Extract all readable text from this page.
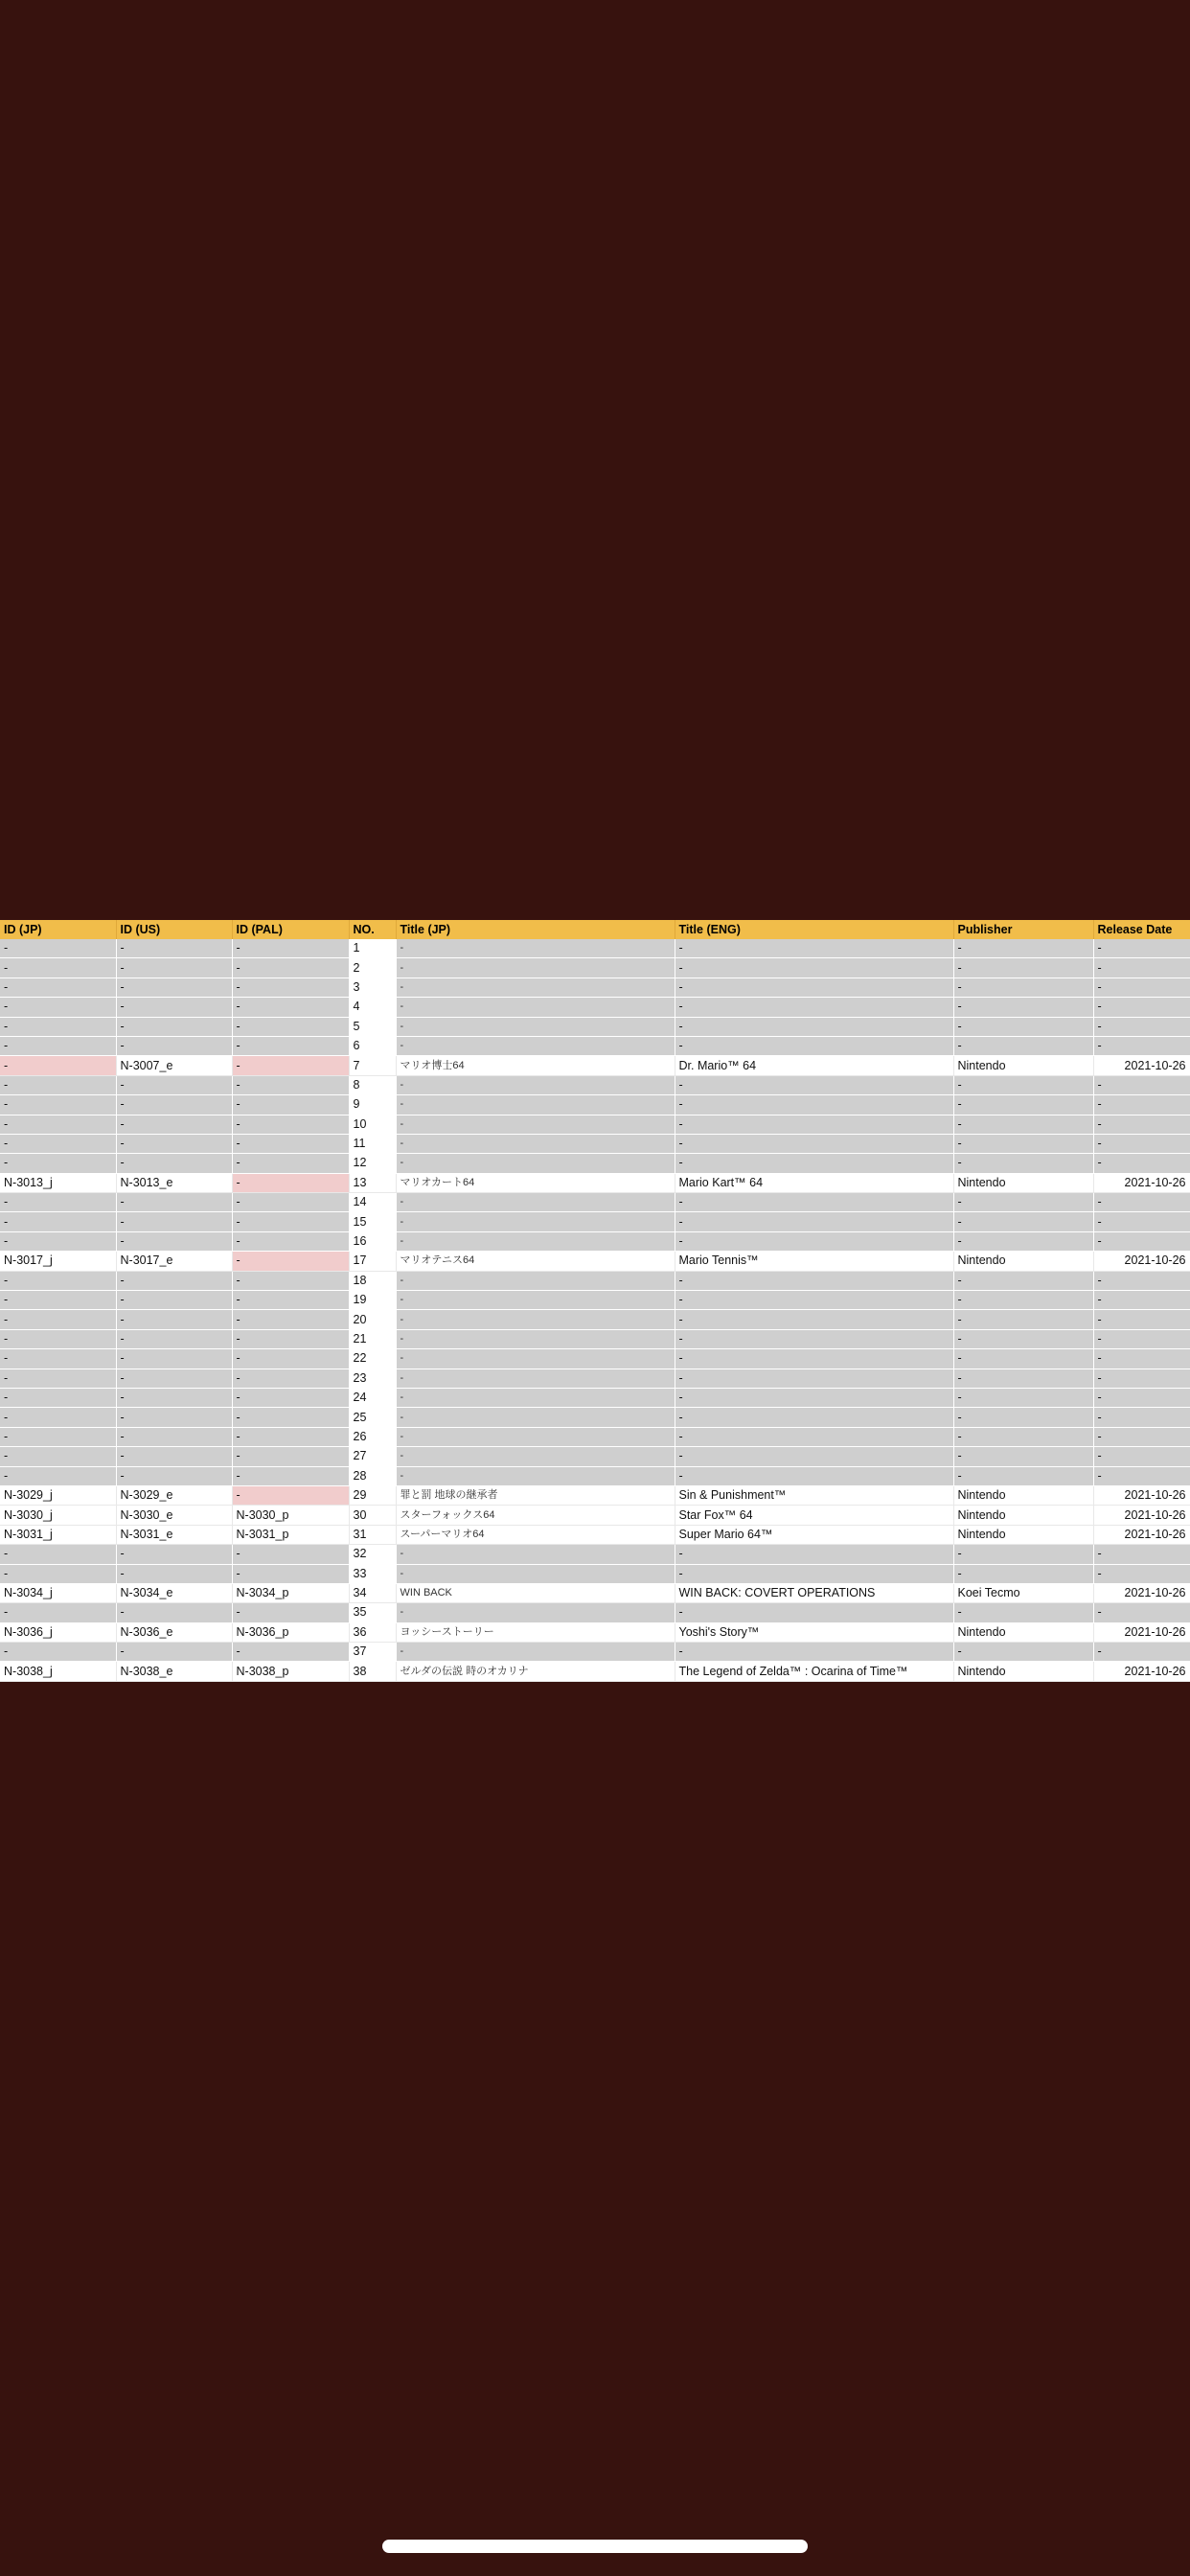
ID (JP)	ID (US)	ID (PAL)	NO.	Title (JP)	Title (ENG)	Publisher	Release Date
-	-	-	1	-	-	-	-
-	-	-	2	-	-	-	-
-	-	-	3	-	-	-	-
-	-	-	4	-	-	-	-
-	-	-	5	-	-	-	-
-	-	-	6	-	-	-	-
-	N-3007_e	-	7	マリオ博士64	Dr. Mario™ 64	Nintendo	2021-10-26
-	-	-	8	-	-	-	-
-	-	-	9	-	-	-	-
-	-	-	10	-	-	-	-
-	-	-	11	-	-	-	-
-	-	-	12	-	-	-	-
N-3013_j	N-3013_e	-	13	マリオカート64	Mario Kart™ 64	Nintendo	2021-10-26
-	-	-	14	-	-	-	-
-	-	-	15	-	-	-	-
-	-	-	16	-	-	-	-
N-3017_j	N-3017_e	-	17	マリオテニス64	Mario Tennis™	Nintendo	2021-10-26
-	-	-	18	-	-	-	-
-	-	-	19	-	-	-	-
-	-	-	20	-	-	-	-
-	-	-	21	-	-	-	-
-	-	-	22	-	-	-	-
-	-	-	23	-	-	-	-
-	-	-	24	-	-	-	-
-	-	-	25	-	-	-	-
-	-	-	26	-	-	-	-
-	-	-	27	-	-	-	-
-	-	-	28	-	-	-	-
N-3029_j	N-3029_e	-	29	罪と罰 地球の継承者	Sin & Punishment™	Nintendo	2021-10-26
N-3030_j	N-3030_e	N-3030_p	30	スターフォックス64	Star Fox™ 64	Nintendo	2021-10-26
N-3031_j	N-3031_e	N-3031_p	31	スーパーマリオ64	Super Mario 64™	Nintendo	2021-10-26
-	-	-	32	-	-	-	-
-	-	-	33	-	-	-	-
N-3034_j	N-3034_e	N-3034_p	34	WIN BACK	WIN BACK: COVERT OPERATIONS	Koei Tecmo	2021-10-26
-	-	-	35	-	-	-	-
N-3036_j	N-3036_e	N-3036_p	36	ヨッシーストーリー	Yoshi's Story™	Nintendo	2021-10-26
-	-	-	37	-	-	-	-
N-3038_j	N-3038_e	N-3038_p	38	ゼルダの伝説 時のオカリナ	The Legend of Zelda™ : Ocarina of Time™	Nintendo	2021-10-26
